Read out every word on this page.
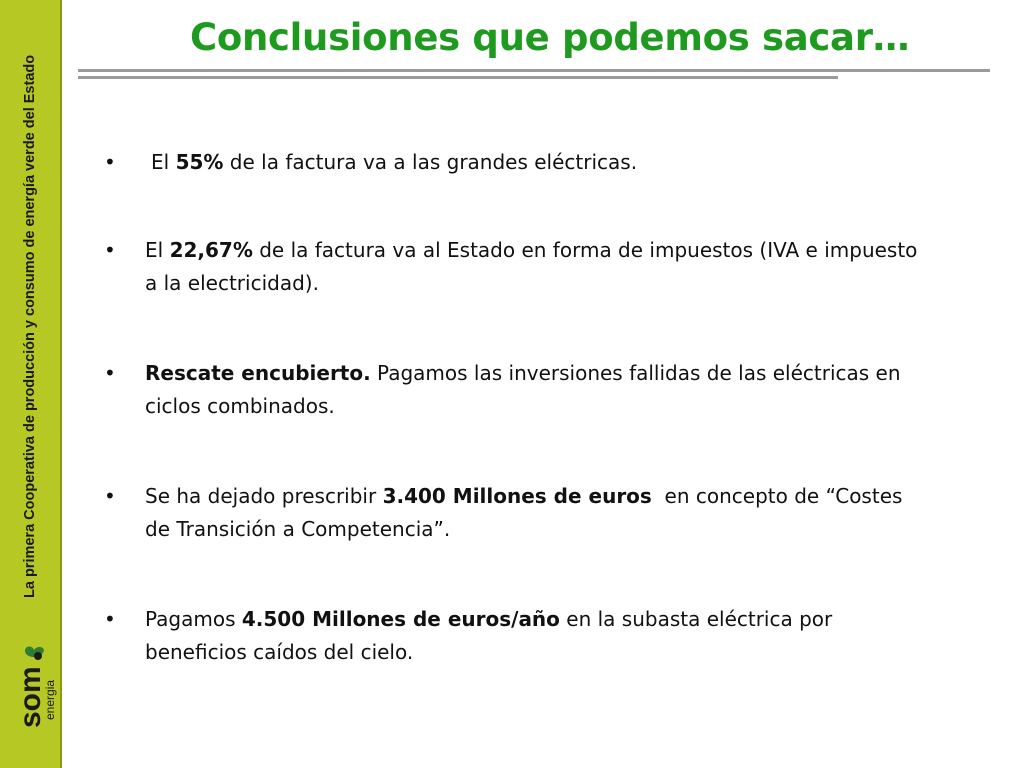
La primera Cooperativa de producción y consumo de energía verde del Estado
som
energia
Conclusiones que podemos sacar…
• El 55% de la factura va a las grandes eléctricas.
• El 22,67% de la factura va al Estado en forma de impuestos (IVA e impuesto a la electricidad).
• Rescate encubierto. Pagamos las inversiones fallidas de las eléctricas en ciclos combinados.
• Se ha dejado prescribir 3.400 Millones de euros  en concepto de “Costes de Transición a Competencia”.
• Pagamos 4.500 Millones de euros/año en la subasta eléctrica por beneficios caídos del cielo.
